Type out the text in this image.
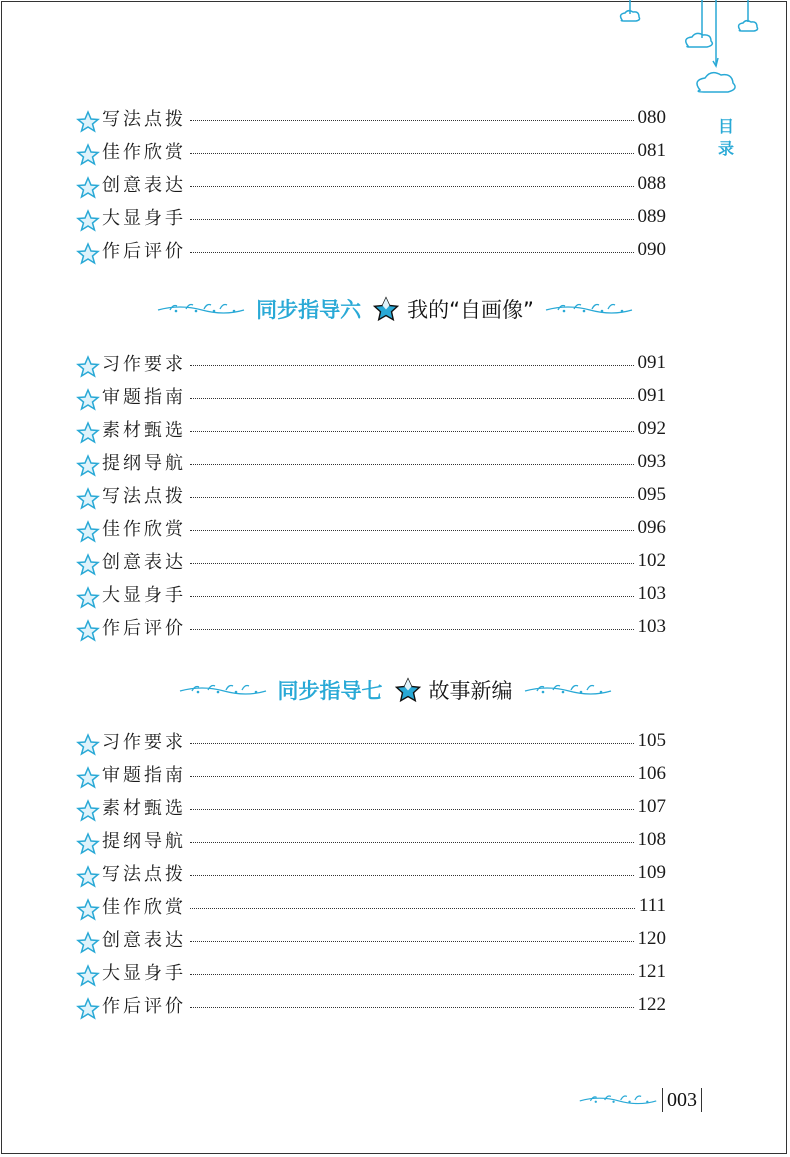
目录
写法点拨	080
佳作欣赏	081
创意表达	088
大显身手	089
作后评价	090
同步指导六 我的“自画像”
习作要求	091
审题指南	091
素材甄选	092
提纲导航	093
写法点拨	095
佳作欣赏	096
创意表达	102
大显身手	103
作后评价	103
同步指导七 故事新编
习作要求	105
审题指南	106
素材甄选	107
提纲导航	108
写法点拨	109
佳作欣赏	111
创意表达	120
大显身手	121
作后评价	122
003
